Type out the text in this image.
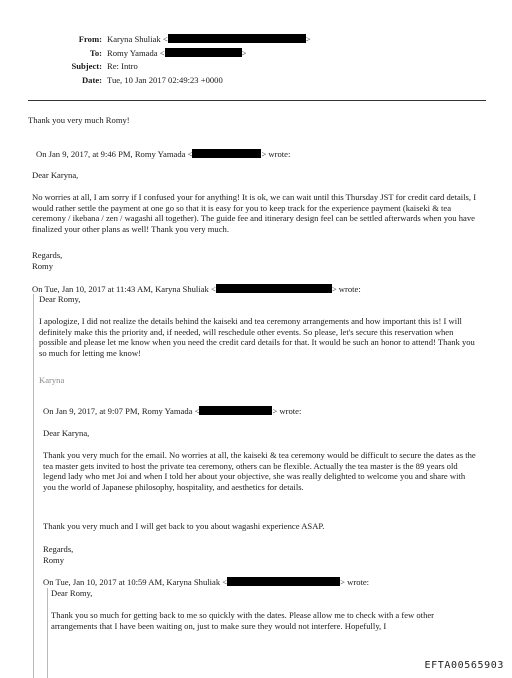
From: Karyna Shuliak <	>
To: Romy Yamada <	>
Subject: Re: Intro
Date: Tue, 10 Jan 2017 02:49:23 +0000
Thank you very much Romy!
On Jan 9, 2017, at 9:46 PM, Romy Yamada <	> wrote:
Dear Karyna,

No worries at all, I am sorry if I confused your for anything! It is ok, we can wait until this Thursday JST for credit card details, I would rather settle the payment at one go so that it is easy for you to keep track for the experience payment (kaiseki & tea ceremony / ikebana / zen / wagashi all together). The guide fee and itinerary design feel can be settled afterwards when you have finalized your other plans as well! Thank you very much.

Regards,
Romy
On Tue, Jan 10, 2017 at 11:43 AM, Karyna Shuliak <	> wrote:
Dear Romy,

I apologize, I did not realize the details behind the kaiseki and tea ceremony arrangements and how important this is! I will definitely make this the priority and, if needed, will reschedule other events. So please, let's secure this reservation when possible and please let me know when you need the credit card details for that. It would be such an honor to attend! Thank you so much for letting me know!

Karyna
On Jan 9, 2017, at 9:07 PM, Romy Yamada <	> wrote:
Dear Karyna,

Thank you very much for the email. No worries at all, the kaiseki & tea ceremony would be difficult to secure the dates as the tea master gets invited to host the private tea ceremony, others can be flexible. Actually the tea master is the 89 years old legend lady who met Joi and when I told her about your objective, she was really delighted to welcome you and share with you the world of Japanese philosophy, hospitality, and aesthetics for details.

Thank you very much and I will get back to you about wagashi experience ASAP.

Regards,
Romy
On Tue, Jan 10, 2017 at 10:59 AM, Karyna Shuliak <	> wrote:
Dear Romy,

Thank you so much for getting back to me so quickly with the dates. Please allow me to check with a few other arrangements that I have been waiting on, just to make sure they would not interfere. Hopefully, I

EFTA00565903
